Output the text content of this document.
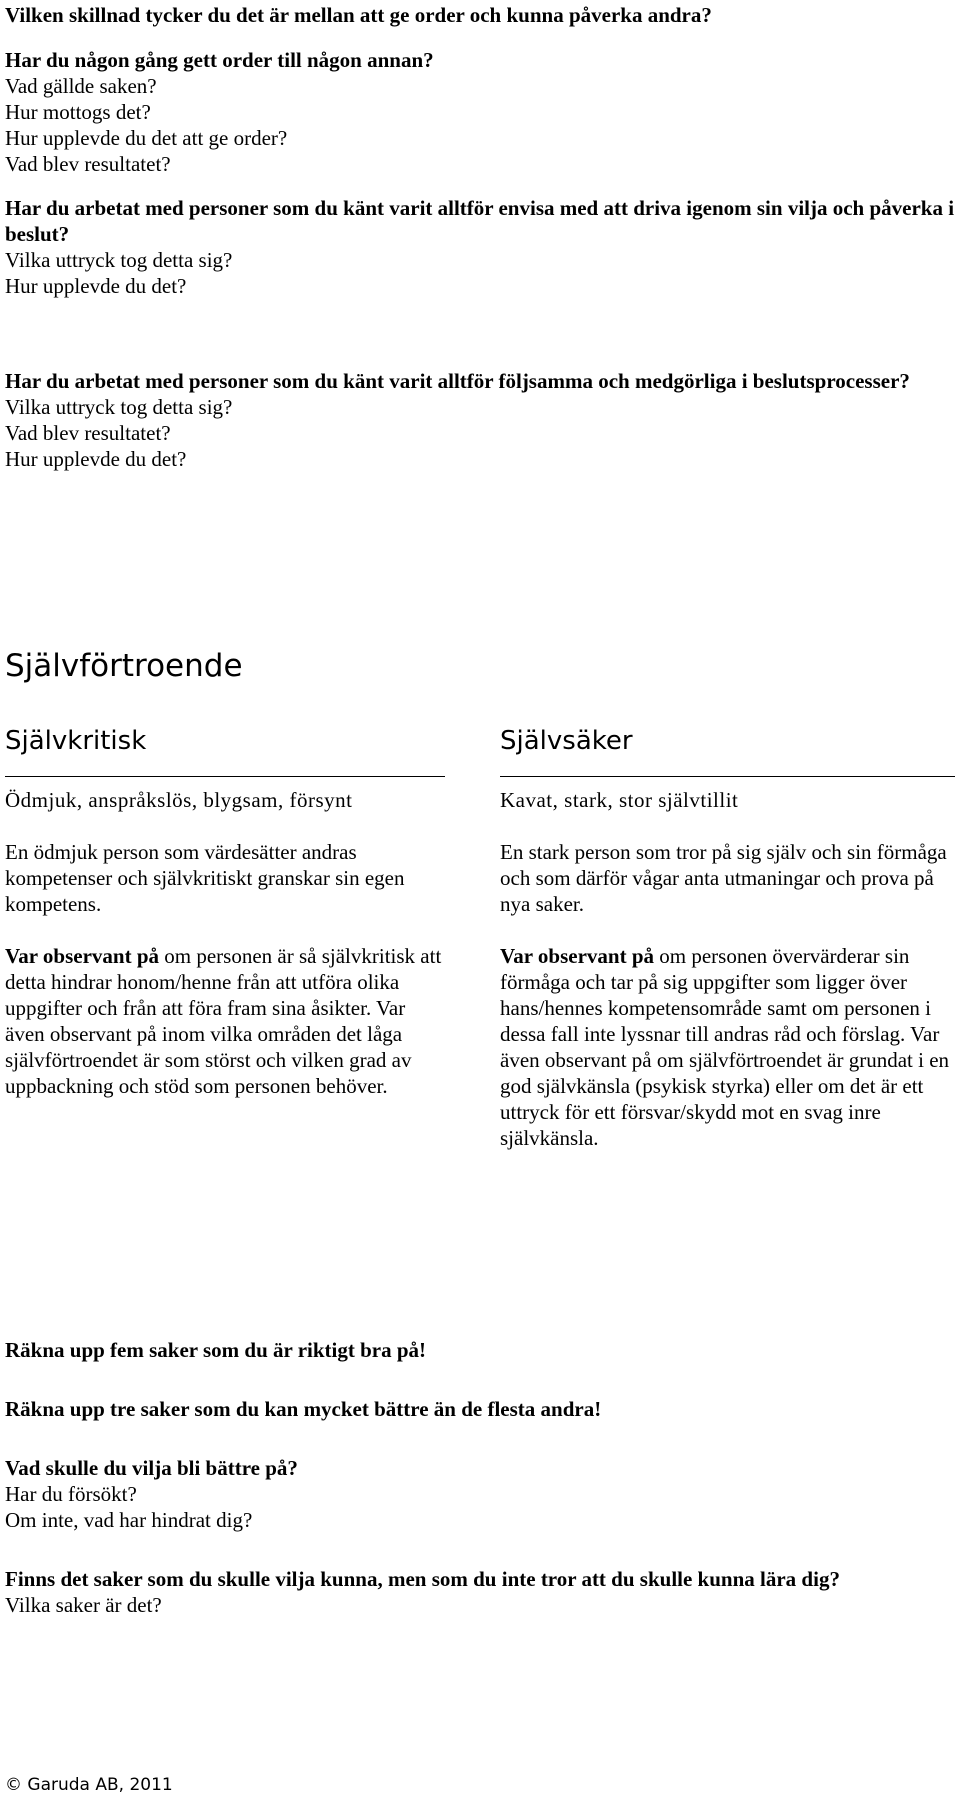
Vilken skillnad tycker du det är mellan att ge order och kunna påverka andra?

Har du någon gång gett order till någon annan?

Vad gällde saken?

Hur mottogs det?

Hur upplevde du det att ge order?

Vad blev resultatet?

Har du arbetat med personer som du känt varit alltför envisa med att driva igenom sin vilja och påverka i beslut?

Vilka uttryck tog detta sig?

Hur upplevde du det?

Har du arbetat med personer som du känt varit alltför följsamma och medgörliga i beslutsprocesser?

Vilka uttryck tog detta sig?

Vad blev resultatet?

Hur upplevde du det?

Självförtroende

Självkritisk

Ödmjuk, anspråkslös, blygsam, försynt

En ödmjuk person som värdesätter andras kompetenser och självkritiskt granskar sin egen kompetens.

Var observant på om personen är så självkritisk att detta hindrar honom/henne från att utföra olika uppgifter och från att föra fram sina åsikter. Var även observant på inom vilka områden det låga självförtroendet är som störst och vilken grad av uppbackning och stöd som personen behöver.

Självsäker

Kavat, stark, stor självtillit

En stark person som tror på sig själv och sin förmåga och som därför vågar anta utmaningar och prova på nya saker.

Var observant på om personen övervärderar sin förmåga och tar på sig uppgifter som ligger över hans/hennes kompetensområde samt om personen i dessa fall inte lyssnar till andras råd och förslag. Var även observant på om självförtroendet är grundat i en god självkänsla (psykisk styrka) eller om det är ett uttryck för ett försvar/skydd mot en svag inre självkänsla.

Räkna upp fem saker som du är riktigt bra på!

Räkna upp tre saker som du kan mycket bättre än de flesta andra!

Vad skulle du vilja bli bättre på?

Har du försökt?

Om inte, vad har hindrat dig?

Finns det saker som du skulle vilja kunna, men som du inte tror att du skulle kunna lära dig?

Vilka saker är det?

© Garuda AB, 2011
